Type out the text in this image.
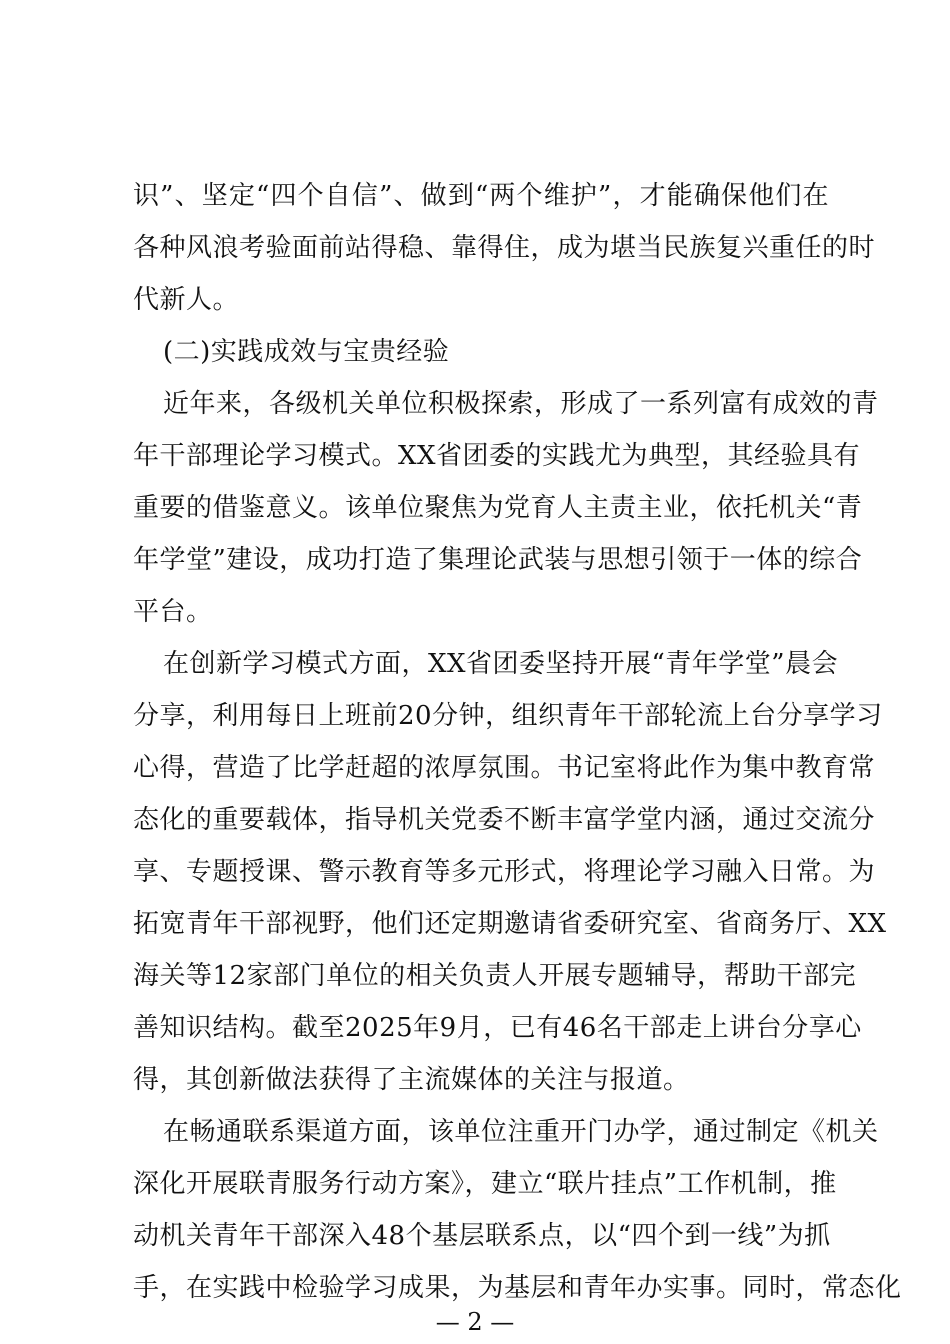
识”、坚定“四个自信”、做到“两个维护”，才能确保他们在
各种风浪考验面前站得稳、靠得住，成为堪当民族复兴重任的时
代新人。
(二)实践成效与宝贵经验
近年来，各级机关单位积极探索，形成了一系列富有成效的青
年干部理论学习模式。XX省团委的实践尤为典型，其经验具有
重要的借鉴意义。该单位聚焦为党育人主责主业，依托机关“青
年学堂”建设，成功打造了集理论武装与思想引领于一体的综合
平台。
在创新学习模式方面，XX省团委坚持开展“青年学堂”晨会
分享，利用每日上班前20分钟，组织青年干部轮流上台分享学习
心得，营造了比学赶超的浓厚氛围。书记室将此作为集中教育常
态化的重要载体，指导机关党委不断丰富学堂内涵，通过交流分
享、专题授课、警示教育等多元形式，将理论学习融入日常。为
拓宽青年干部视野，他们还定期邀请省委研究室、省商务厅、XX
海关等12家部门单位的相关负责人开展专题辅导，帮助干部完
善知识结构。截至2025年9月，已有46名干部走上讲台分享心
得，其创新做法获得了主流媒体的关注与报道。
在畅通联系渠道方面，该单位注重开门办学，通过制定《机关
深化开展联青服务行动方案》，建立“联片挂点”工作机制，推
动机关青年干部深入48个基层联系点，以“四个到一线”为抓
手，在实践中检验学习成果，为基层和青年办实事。同时，常态化
— 2 —
